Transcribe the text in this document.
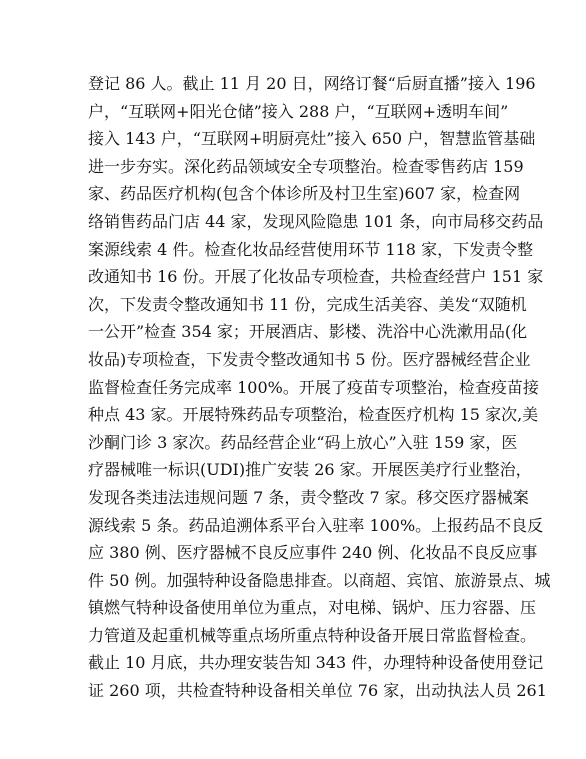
登记 86 人。截止 11 月 20 日，网络订餐“后厨直播”接入 196
户，“互联网+阳光仓储”接入 288 户，“互联网+透明车间”
接入 143 户，“互联网+明厨亮灶”接入 650 户，智慧监管基础
进一步夯实。深化药品领域安全专项整治。检查零售药店 159
家、药品医疗机构(包含个体诊所及村卫生室)607 家，检查网
络销售药品门店 44 家，发现风险隐患 101 条，向市局移交药品
案源线索 4 件。检查化妆品经营使用环节 118 家，下发责令整
改通知书 16 份。开展了化妆品专项检查，共检查经营户 151 家
次，下发责令整改通知书 11 份，完成生活美容、美发“双随机
一公开”检查 354 家；开展酒店、影楼、洗浴中心洗漱用品(化
妆品)专项检查，下发责令整改通知书 5 份。医疗器械经营企业
监督检查任务完成率 100%。开展了疫苗专项整治，检查疫苗接
种点 43 家。开展特殊药品专项整治，检查医疗机构 15 家次,美
沙酮门诊 3 家次。药品经营企业“码上放心”入驻 159 家，医
疗器械唯一标识(UDI)推广安装 26 家。开展医美疗行业整治，
发现各类违法违规问题 7 条，责令整改 7 家。移交医疗器械案
源线索 5 条。药品追溯体系平台入驻率 100%。上报药品不良反
应 380 例、医疗器械不良反应事件 240 例、化妆品不良反应事
件 50 例。加强特种设备隐患排查。以商超、宾馆、旅游景点、城
镇燃气特种设备使用单位为重点，对电梯、锅炉、压力容器、压
力管道及起重机械等重点场所重点特种设备开展日常监督检查。
截止 10 月底，共办理安装告知 343 件，办理特种设备使用登记
证 260 项，共检查特种设备相关单位 76 家，出动执法人员 261
